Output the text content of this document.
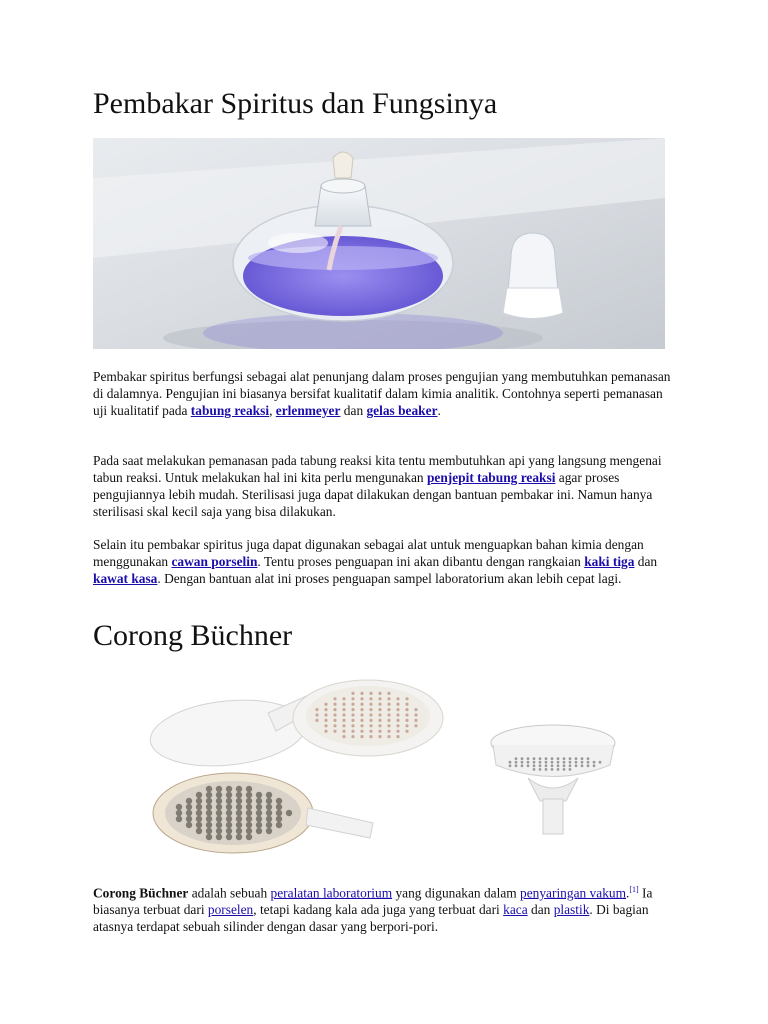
Pembakar Spiritus dan Fungsinya
Pembakar spiritus berfungsi sebagai alat penunjang dalam proses pengujian yang membutuhkan pemanasan di dalamnya. Pengujian ini biasanya bersifat kualitatif dalam kimia analitik. Contohnya seperti pemanasan uji kualitatif pada tabung reaksi, erlenmeyer dan gelas beaker.
Pada saat melakukan pemanasan pada tabung reaksi kita tentu membutuhkan api yang langsung mengenai tabun reaksi. Untuk melakukan hal ini kita perlu mengunakan penjepit tabung reaksi agar proses pengujiannya lebih mudah. Sterilisasi juga dapat dilakukan dengan bantuan pembakar ini. Namun hanya sterilisasi skal kecil saja yang bisa dilakukan.
Selain itu pembakar spiritus juga dapat digunakan sebagai alat untuk menguapkan bahan kimia dengan menggunakan cawan porselin. Tentu proses penguapan ini akan dibantu dengan rangkaian kaki tiga dan kawat kasa. Dengan bantuan alat ini proses penguapan sampel laboratorium akan lebih cepat lagi.
Corong Büchner
Corong Büchner adalah sebuah peralatan laboratorium yang digunakan dalam penyaringan vakum.[1] Ia biasanya terbuat dari porselen, tetapi kadang kala ada juga yang terbuat dari kaca dan plastik. Di bagian atasnya terdapat sebuah silinder dengan dasar yang berpori-pori.
